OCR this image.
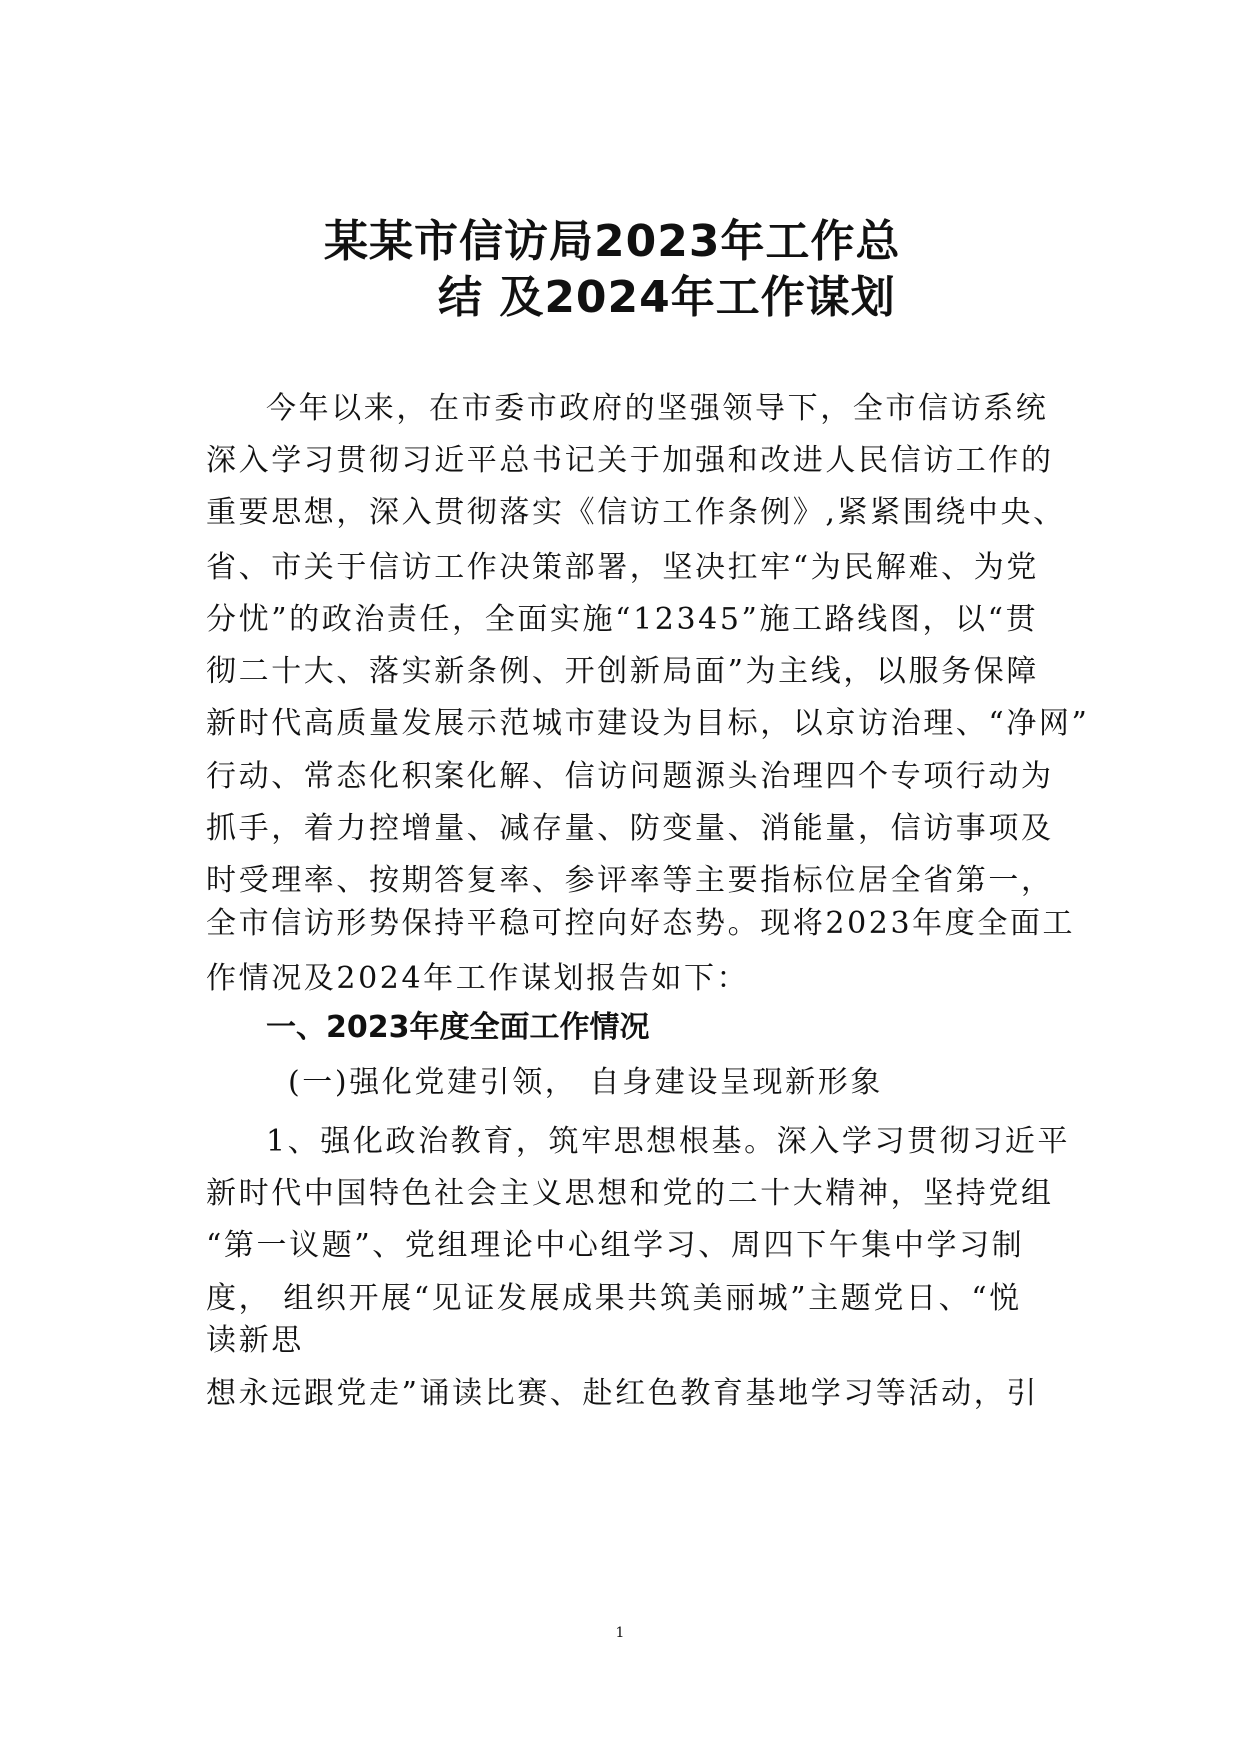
某某市信访局2023年工作总
结 及2024年工作谋划
今年以来，在市委市政府的坚强领导下，全市信访系统
深入学习贯彻习近平总书记关于加强和改进人民信访工作的
重要思想，深入贯彻落实《信访工作条例》,紧紧围绕中央、
省、市关于信访工作决策部署，坚决扛牢“为民解难、为党
分忧”的政治责任，全面实施“12345”施工路线图，以“贯
彻二十大、落实新条例、开创新局面”为主线，以服务保障
新时代高质量发展示范城市建设为目标，以京访治理、“净网”
行动、常态化积案化解、信访问题源头治理四个专项行动为
抓手，着力控增量、减存量、防变量、消能量，信访事项及
时受理率、按期答复率、参评率等主要指标位居全省第一，
全市信访形势保持平稳可控向好态势。现将2023年度全面工
作情况及2024年工作谋划报告如下：
一、2023年度全面工作情况
(一)强化党建引领， 自身建设呈现新形象
1、强化政治教育，筑牢思想根基。深入学习贯彻习近平
新时代中国特色社会主义思想和党的二十大精神，坚持党组
“第一议题”、党组理论中心组学习、周四下午集中学习制
度， 组织开展“见证发展成果共筑美丽城”主题党日、“悦
读新思
想永远跟党走”诵读比赛、赴红色教育基地学习等活动，引
1
